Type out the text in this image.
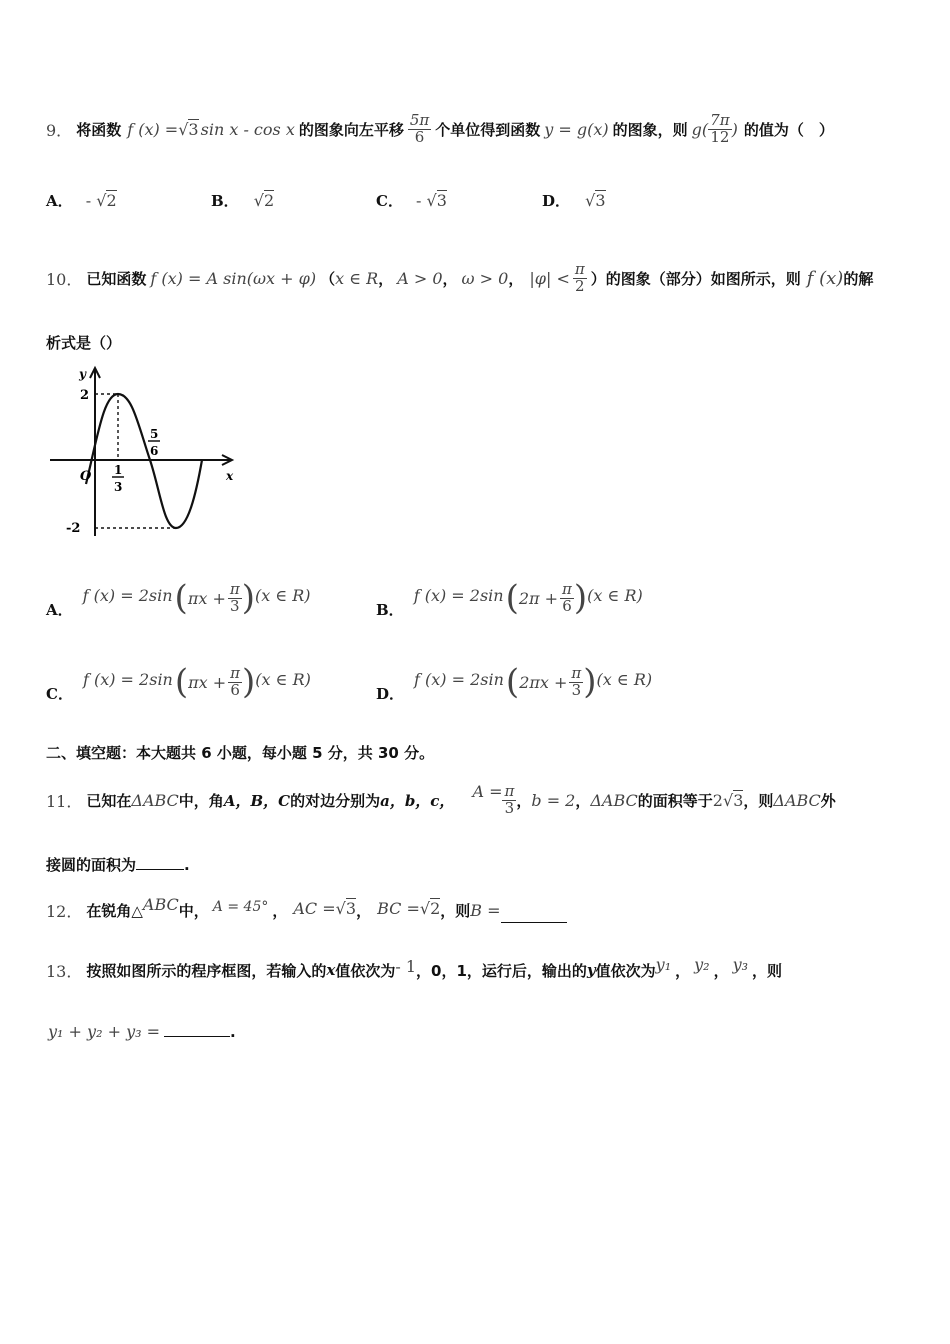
9． 将函数 f (x) = √3 sin x - cos x 的图象向左平移 $\frac{5\pi}{6}$ 个单位得到函数 y = g(x) 的图象，则 $g( \frac{7\pi}{12}$ ) 的值为（　）
A． - √2	B． √2	C． - √3	D． √3
10． 已知函数 f (x) = A sin(ωx + φ) （ x ∈ R ， A > 0 ， ω > 0 ， $|\varphi| < \frac{\pi}{2}$ ）的图象（部分）如图所示，则 f (x) 的解
析式是（）
y
x
O
2
-2
1
3
5
6
A．
f (x) = 2sin ( $\pi x + \frac{\pi}{3}$ ) (x ∈ R)
B．
f (x) = 2sin ( $2\pi + \frac{\pi}{6}$ ) (x ∈ R)
C．
f (x) = 2sin ( $\pi x + \frac{\pi}{6}$ ) (x ∈ R)
D．
f (x) = 2sin ( $2\pi x + \frac{\pi}{3}$ ) (x ∈ R)
二、填空题：本大题共 6 小题，每小题 5 分，共 30 分。
11． 已知在 ΔABC 中，角 A，B，C 的对边分别为 a，b，c， $A = \frac{\pi}{3}$ ， b = 2 ， ΔABC 的面积等于 2√3 ，则 ΔABC 外
接圆的面积为	.
12． 在锐角△ ABC 中， A = 45° ， AC = √3 ， BC = √2 ，则 B =
13． 按照如图所示的程序框图，若输入的 x 值依次为 - 1 ，0，1，运行后，输出的 y 值依次为 y₁ ， y₂ ， y₃ ，则
y₁ + y₂ + y₃ =	.
